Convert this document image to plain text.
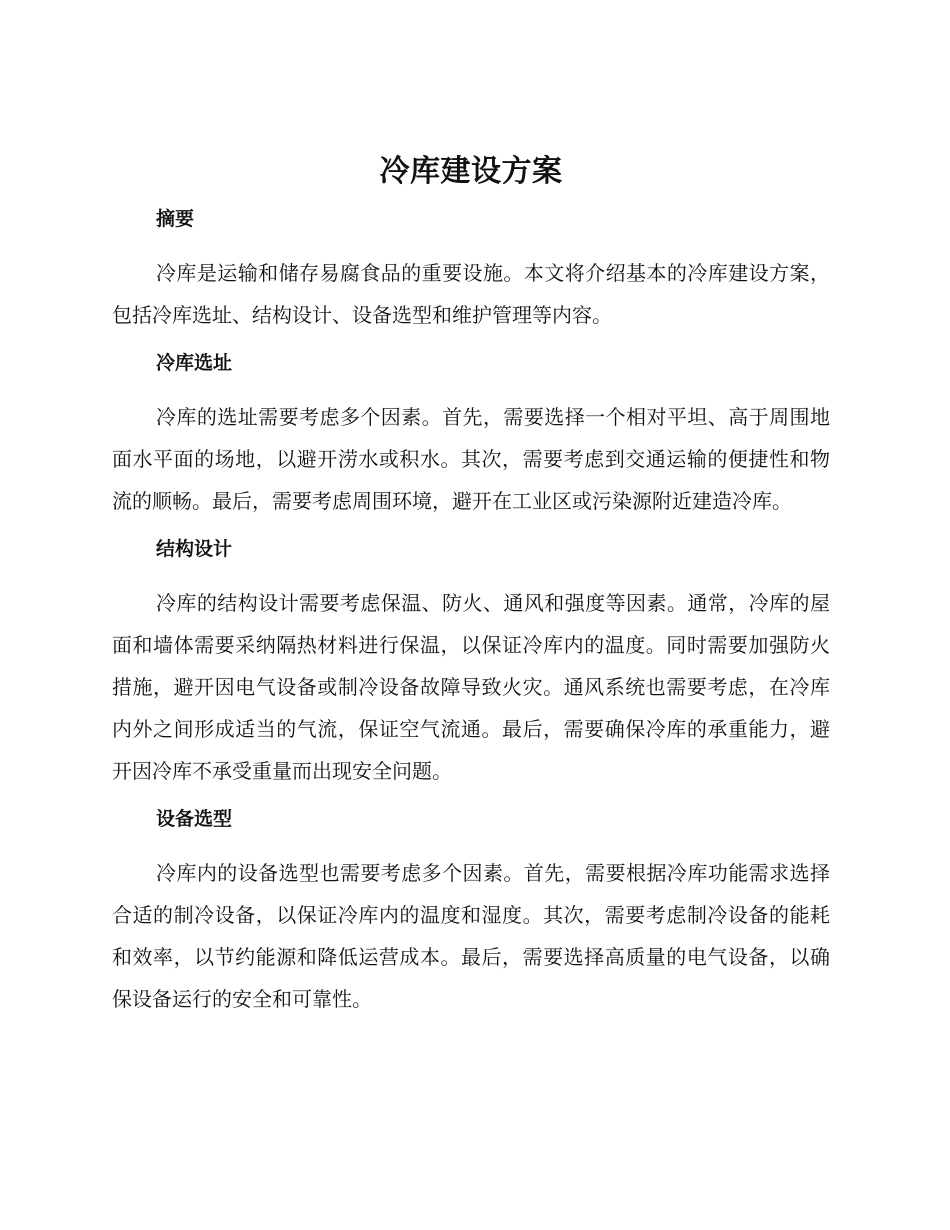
冷库建设方案
摘要

冷库是运输和储存易腐食品的重要设施。本文将介绍基本的冷库建设方案，包括冷库选址、结构设计、设备选型和维护管理等内容。

冷库选址

冷库的选址需要考虑多个因素。首先，需要选择一个相对平坦、高于周围地面水平面的场地，以避开涝水或积水。其次，需要考虑到交通运输的便捷性和物流的顺畅。最后，需要考虑周围环境，避开在工业区或污染源附近建造冷库。

结构设计

冷库的结构设计需要考虑保温、防火、通风和强度等因素。通常，冷库的屋面和墙体需要采纳隔热材料进行保温，以保证冷库内的温度。同时需要加强防火措施，避开因电气设备或制冷设备故障导致火灾。通风系统也需要考虑，在冷库内外之间形成适当的气流，保证空气流通。最后，需要确保冷库的承重能力，避开因冷库不承受重量而出现安全问题。

设备选型

冷库内的设备选型也需要考虑多个因素。首先，需要根据冷库功能需求选择合适的制冷设备，以保证冷库内的温度和湿度。其次，需要考虑制冷设备的能耗和效率，以节约能源和降低运营成本。最后，需要选择高质量的电气设备，以确保设备运行的安全和可靠性。
